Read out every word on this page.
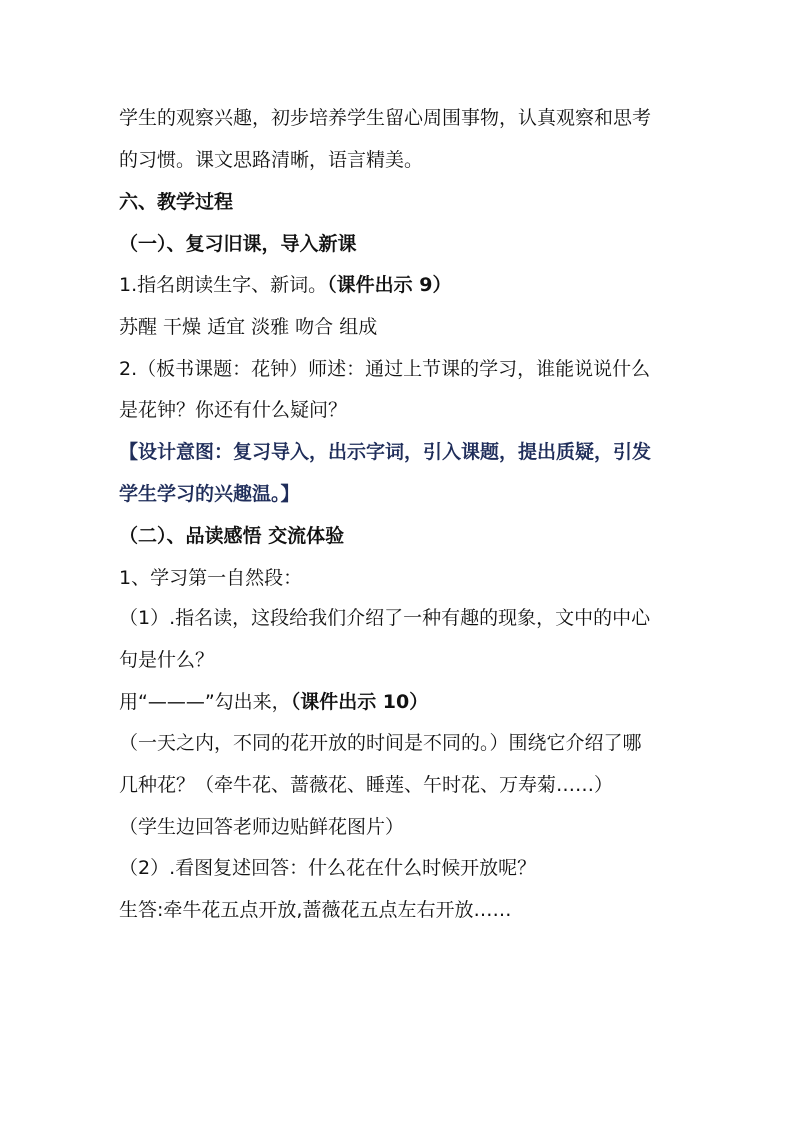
学生的观察兴趣，初步培养学生留心周围事物，认真观察和思考
的习惯。课文思路清晰，语言精美。
六、教学过程
（一）、复习旧课，导入新课
1.指名朗读生字、新词。（课件出示 9）
苏醒 干燥 适宜 淡雅 吻合 组成
2.（板书课题：花钟）师述：通过上节课的学习，谁能说说什么
是花钟？你还有什么疑问？
【设计意图：复习导入，出示字词，引入课题，提出质疑，引发
学生学习的兴趣温。】
（二）、品读感悟 交流体验
1、学习第一自然段：
（1）.指名读，这段给我们介绍了一种有趣的现象，文中的中心
句是什么？
用“———”勾出来，（课件出示 10）
（一天之内，不同的花开放的时间是不同的。）围绕它介绍了哪
几种花？（牵牛花、蔷薇花、睡莲、午时花、万寿菊……）
（学生边回答老师边贴鲜花图片）
（2）.看图复述回答：什么花在什么时候开放呢？
生答:牵牛花五点开放,蔷薇花五点左右开放……
